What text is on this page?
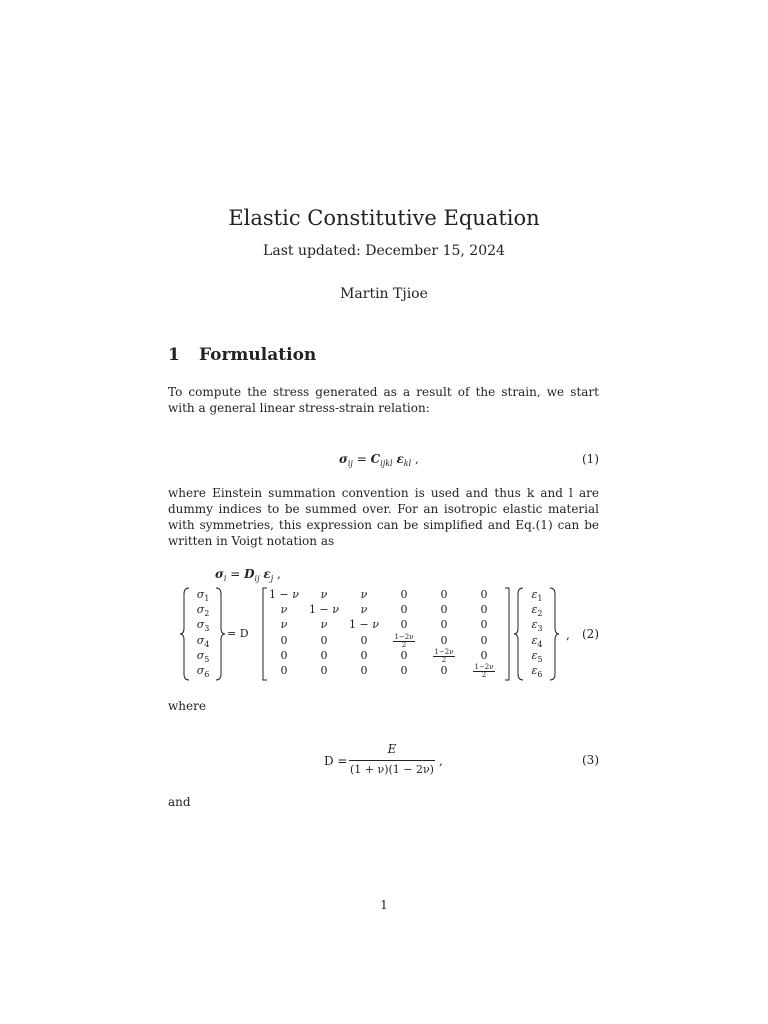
Elastic Constitutive Equation
Last updated: December 15, 2024
Martin Tjioe
1 Formulation
To compute the stress generated as a result of the strain, we start with a general linear stress-strain relation:
$\sigma_{ij} = C_{ijkl}$ $\varepsilon_{kl}$ ,	(1)
where Einstein summation convention is used and thus k and l are dummy indices to be summed over. For an isotropic elastic material with symmetries, this expression can be simplified and Eq.(1) can be written in Voigt notation as
$\sigma_i = D_{ij}$ $\varepsilon_j$ ,
= D
$\sigma_1$
$\sigma_2$
$\sigma_3$
$\sigma_4$
$\sigma_5$
$\sigma_6$
$\varepsilon_1$
$\varepsilon_2$
$\varepsilon_3$
$\varepsilon_4$
$\varepsilon_5$
$\varepsilon_6$
1 − ν	ν	ν	0	0	0
ν	1 − ν	ν	0	0	0
ν	ν	1 − ν	0	0	0
0	0	0	$\frac{1-2\nu}{2}$	0	0
0	0	0	0	$\frac{1-2\nu}{2}$	0
0	0	0	0	0	$\frac{1-2\nu}{2}$
,	(2)
where
D =
E
(1 + ν)(1 − 2ν)
,	(3)
and
1
